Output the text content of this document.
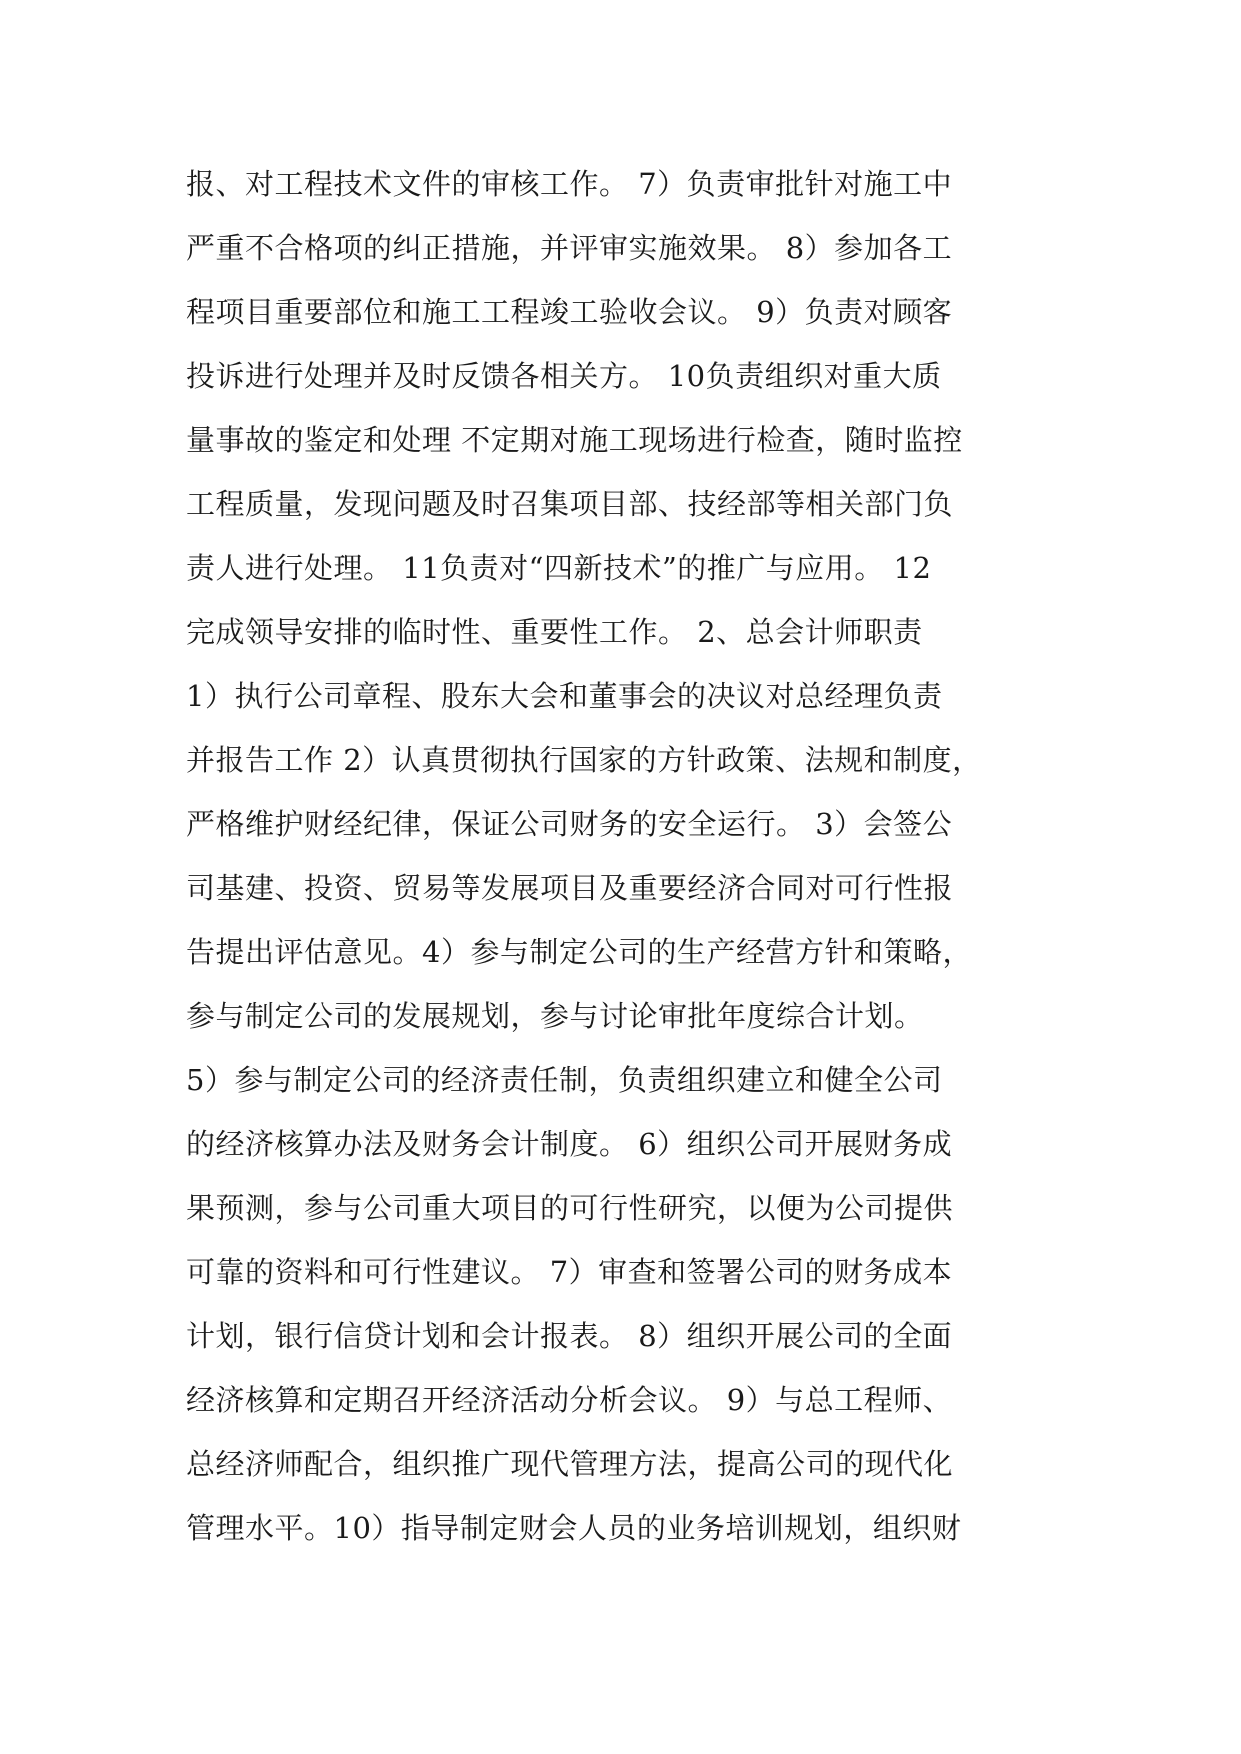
报、对工程技术文件的审核工作。 7）负责审批针对施工中
严重不合格项的纠正措施，并评审实施效果。 8）参加各工
程项目重要部位和施工工程竣工验收会议。 9）负责对顾客
投诉进行处理并及时反馈各相关方。 10负责组织对重大质
量事故的鉴定和处理 不定期对施工现场进行检查，随时监控
工程质量，发现问题及时召集项目部、技经部等相关部门负
责人进行处理。 11负责对“四新技术”的推广与应用。 12
完成领导安排的临时性、重要性工作。 2、总会计师职责
1）执行公司章程、股东大会和董事会的决议对总经理负责
并报告工作 2）认真贯彻执行国家的方针政策、法规和制度，
严格维护财经纪律，保证公司财务的安全运行。 3）会签公
司基建、投资、贸易等发展项目及重要经济合同对可行性报
告提出评估意见。4）参与制定公司的生产经营方针和策略，
参与制定公司的发展规划，参与讨论审批年度综合计划。
5）参与制定公司的经济责任制，负责组织建立和健全公司
的经济核算办法及财务会计制度。 6）组织公司开展财务成
果预测，参与公司重大项目的可行性研究，以便为公司提供
可靠的资料和可行性建议。 7）审查和签署公司的财务成本
计划，银行信贷计划和会计报表。 8）组织开展公司的全面
经济核算和定期召开经济活动分析会议。 9）与总工程师、
总经济师配合，组织推广现代管理方法，提高公司的现代化
管理水平。10）指导制定财会人员的业务培训规划，组织财
